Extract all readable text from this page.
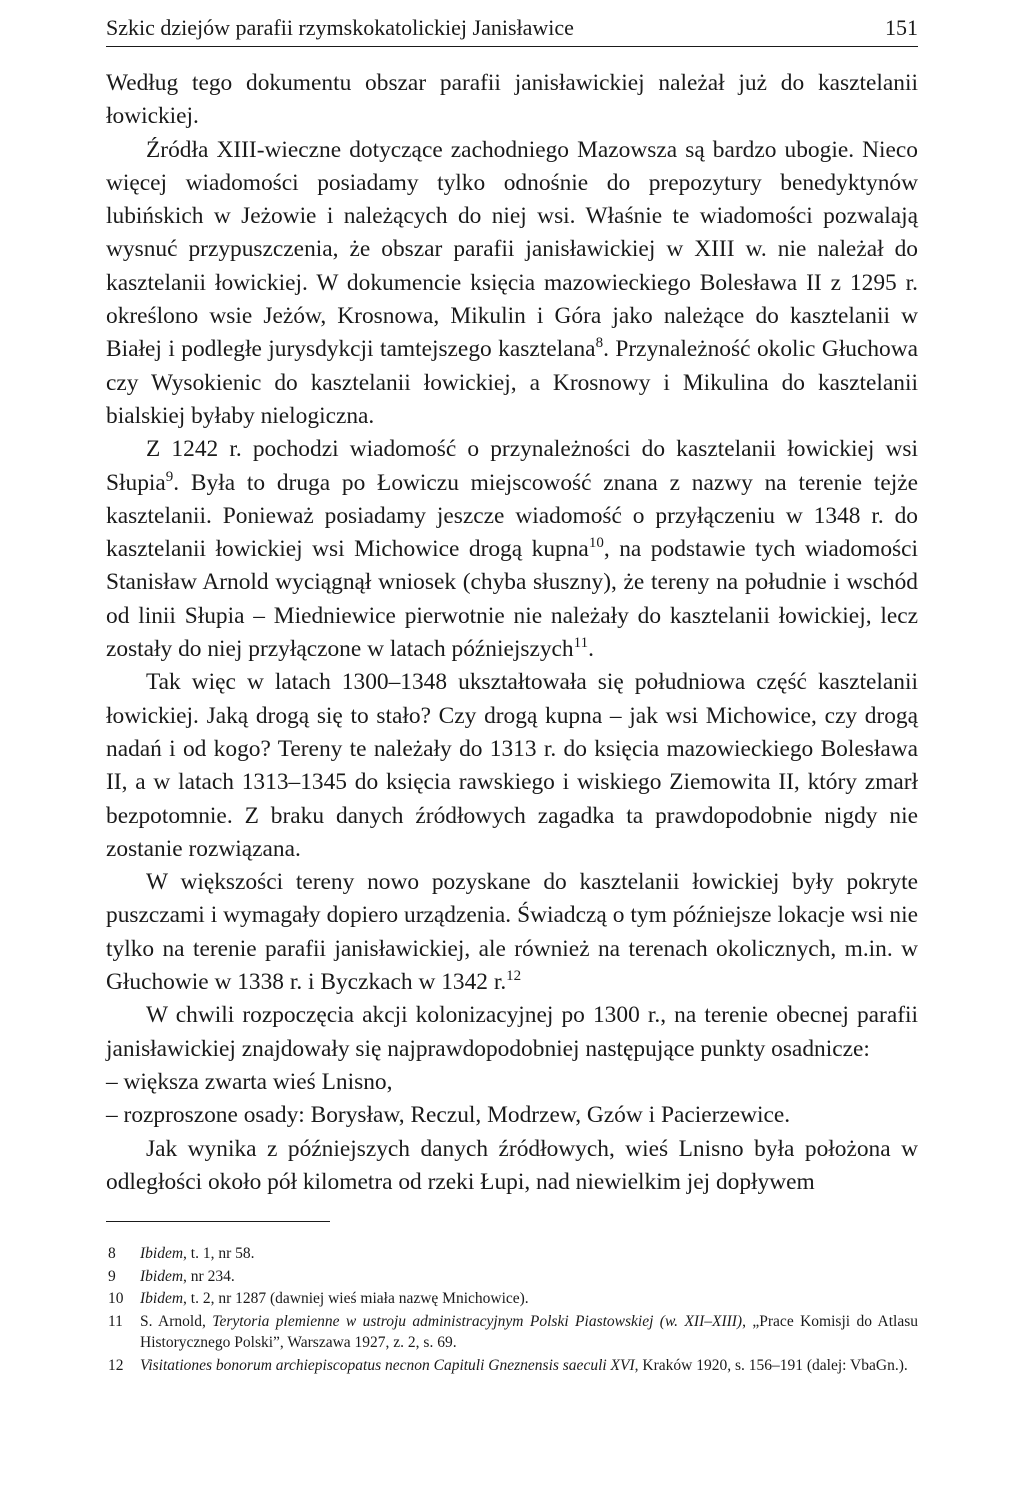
Szkic dziejów parafii rzymskokatolickiej Janisławice	151

Według tego dokumentu obszar parafii janisławickiej należał już do kasztelanii łowickiej.

Źródła XIII-wieczne dotyczące zachodniego Mazowsza są bardzo ubogie. Nieco więcej wiadomości posiadamy tylko odnośnie do prepozytury benedyktynów lubińskich w Jeżowie i należących do niej wsi. Właśnie te wiadomości pozwalają wysnuć przypuszczenia, że obszar parafii janisławickiej w XIII w. nie należał do kasztelanii łowickiej. W dokumencie księcia mazowieckiego Bolesława II z 1295 r. określono wsie Jeżów, Krosnowa, Mikulin i Góra jako należące do kasztelanii w Białej i podległe jurysdykcji tamtejszego kasztelana$^8$. Przynależność okolic Głuchowa czy Wysokienic do kasztelanii łowickiej, a Krosnowy i Mikulina do kasztelanii bialskiej byłaby nielogiczna.

Z 1242 r. pochodzi wiadomość o przynależności do kasztelanii łowickiej wsi Słupia$^9$. Była to druga po Łowiczu miejscowość znana z nazwy na terenie tejże kasztelanii. Ponieważ posiadamy jeszcze wiadomość o przyłączeniu w 1348 r. do kasztelanii łowickiej wsi Michowice drogą kupna$^{10}$, na podstawie tych wiadomości Stanisław Arnold wyciągnął wniosek (chyba słuszny), że tereny na południe i wschód od linii Słupia – Miedniewice pierwotnie nie należały do kasztelanii łowickiej, lecz zostały do niej przyłączone w latach późniejszych$^{11}$.

Tak więc w latach 1300–1348 ukształtowała się południowa część kasztelanii łowickiej. Jaką drogą się to stało? Czy drogą kupna – jak wsi Michowice, czy drogą nadań i od kogo? Tereny te należały do 1313 r. do księcia mazowieckiego Bolesława II, a w latach 1313–1345 do księcia rawskiego i wiskiego Ziemowita II, który zmarł bezpotomnie. Z braku danych źródłowych zagadka ta prawdopodobnie nigdy nie zostanie rozwiązana.

W większości tereny nowo pozyskane do kasztelanii łowickiej były pokryte puszczami i wymagały dopiero urządzenia. Świadczą o tym późniejsze lokacje wsi nie tylko na terenie parafii janisławickiej, ale również na terenach okolicznych, m.in. w Głuchowie w 1338 r. i Byczkach w 1342 r.$^{12}$

W chwili rozpoczęcia akcji kolonizacyjnej po 1300 r., na terenie obecnej parafii janisławickiej znajdowały się najprawdopodobniej następujące punkty osadnicze:

– większa zwarta wieś Lnisno,

– rozproszone osady: Borysław, Reczul, Modrzew, Gzów i Pacierzewice.

Jak wynika z późniejszych danych źródłowych, wieś Lnisno była położona w odległości około pół kilometra od rzeki Łupi, nad niewielkim jej dopływem

8	Ibidem, t. 1, nr 58.
9	Ibidem, nr 234.
10	Ibidem, t. 2, nr 1287 (dawniej wieś miała nazwę Mnichowice).
11	S. Arnold, Terytoria plemienne w ustroju administracyjnym Polski Piastowskiej (w. XII–XIII), „Prace Komisji do Atlasu Historycznego Polski”, Warszawa 1927, z. 2, s. 69.
12	Visitationes bonorum archiepiscopatus necnon Capituli Gneznensis saeculi XVI, Kraków 1920, s. 156–191 (dalej: VbaGn.).
